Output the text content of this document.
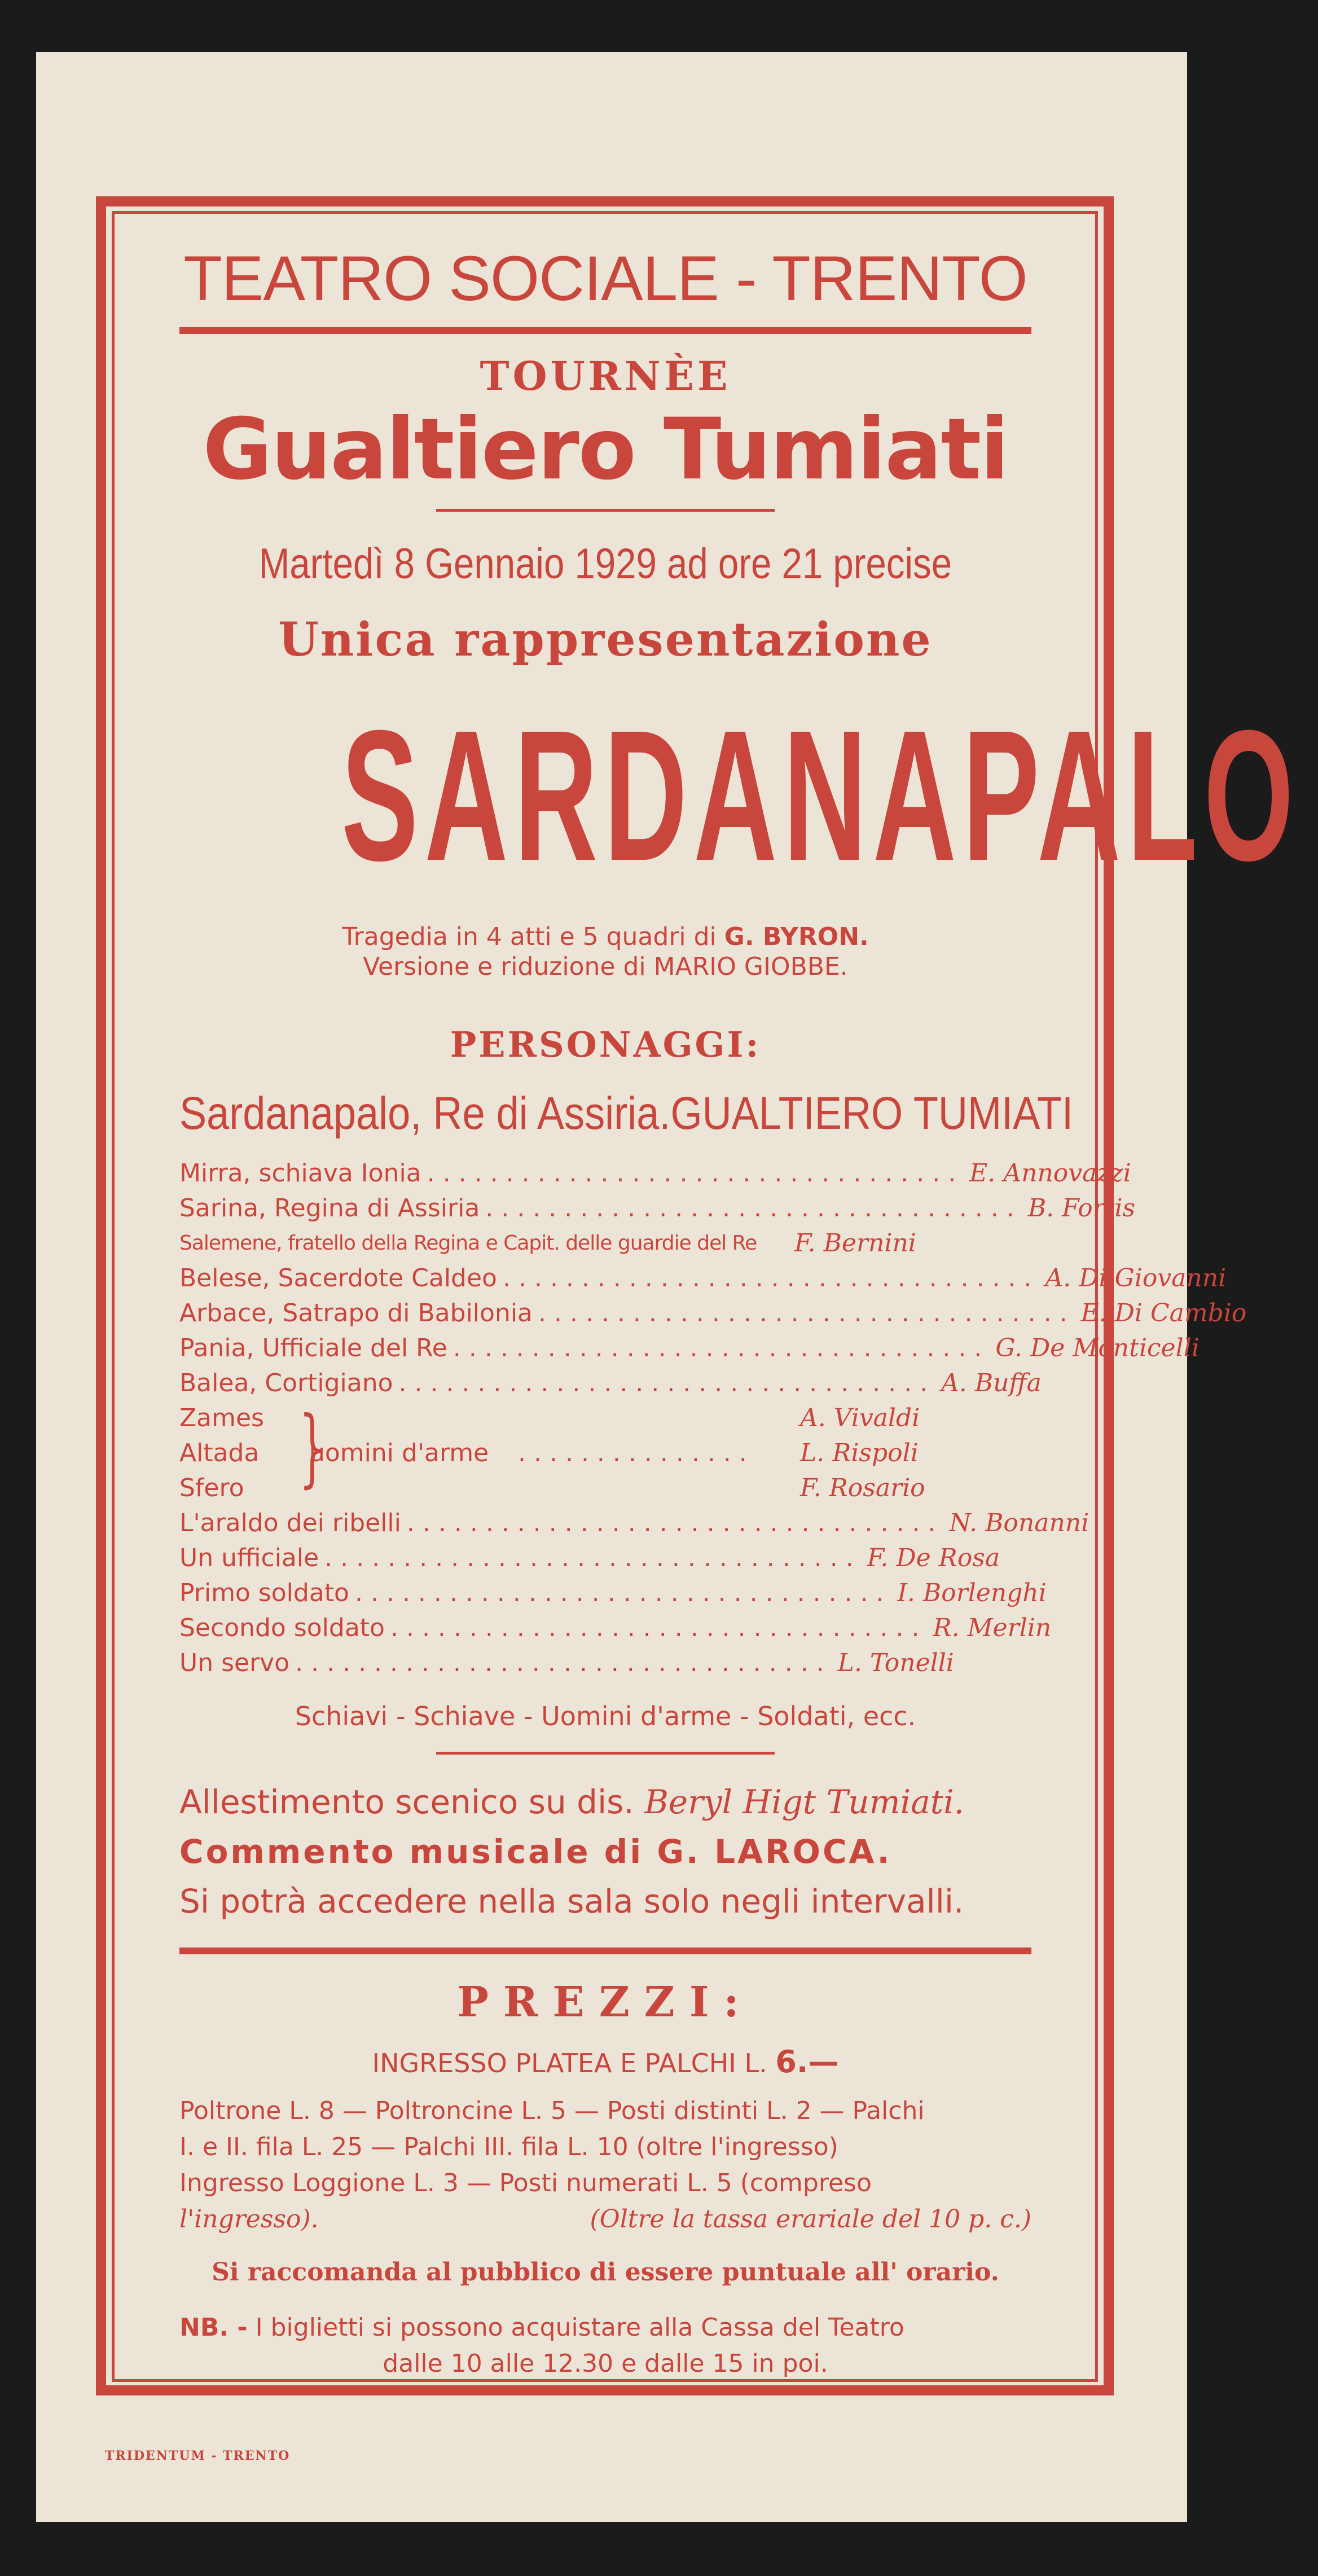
TEATRO SOCIALE - TRENTO
TOURNÈE
Gualtiero Tumiati
Martedì 8 Gennaio 1929 ad ore 21 precise
Unica rappresentazione
SARDANAPALO
Tragedia in 4 atti e 5 quadri di G. BYRON.
Versione e riduzione di MARIO GIOBBE.
PERSONAGGI:
Sardanapalo, Re di Assiria . GUALTIERO TUMIATI
Mirra, schiava Ionia .................................. E. Annovazzi
Sarina, Regina di Assiria .................................. B. Fortis
Salemene, fratello della Regina e Capit. delle guardie del Re F. Bernini
Belese, Sacerdote Caldeo .................................. A. Di Giovanni
Arbace, Satrapo di Babilonia .................................. E. Di Cambio
Pania, Ufficiale del Re .................................. G. De Monticelli
Balea, Cortigiano .................................. A. Buffa
Zames
Altada
Sfero }
uomini d'arme ...............
A. Vivaldi
L. Rispoli
F. Rosario
L'araldo dei ribelli .................................. N. Bonanni
Un ufficiale .................................. F. De Rosa
Primo soldato .................................. I. Borlenghi
Secondo soldato .................................. R. Merlin
Un servo .................................. L. Tonelli
Schiavi - Schiave - Uomini d'arme - Soldati, ecc.
Allestimento scenico su dis. Beryl Higt Tumiati.
Commento musicale di G. LAROCA.
Si potrà accedere nella sala solo negli intervalli.
PREZZI:
INGRESSO PLATEA E PALCHI L. 6.—
Poltrone L. 8 — Poltroncine L. 5 — Posti distinti L. 2 — Palchi
I. e II. fila L. 25 — Palchi III. fila L. 10 (oltre l'ingresso)
Ingresso Loggione L. 3 — Posti numerati L. 5 (compreso
l'ingresso).	(Oltre la tassa erariale del 10 p. c.)
Si raccomanda al pubblico di essere puntuale all' orario.
NB. - I biglietti si possono acquistare alla Cassa del Teatro
dalle 10 alle 12.30 e dalle 15 in poi.
TRIDENTUM - TRENTO
